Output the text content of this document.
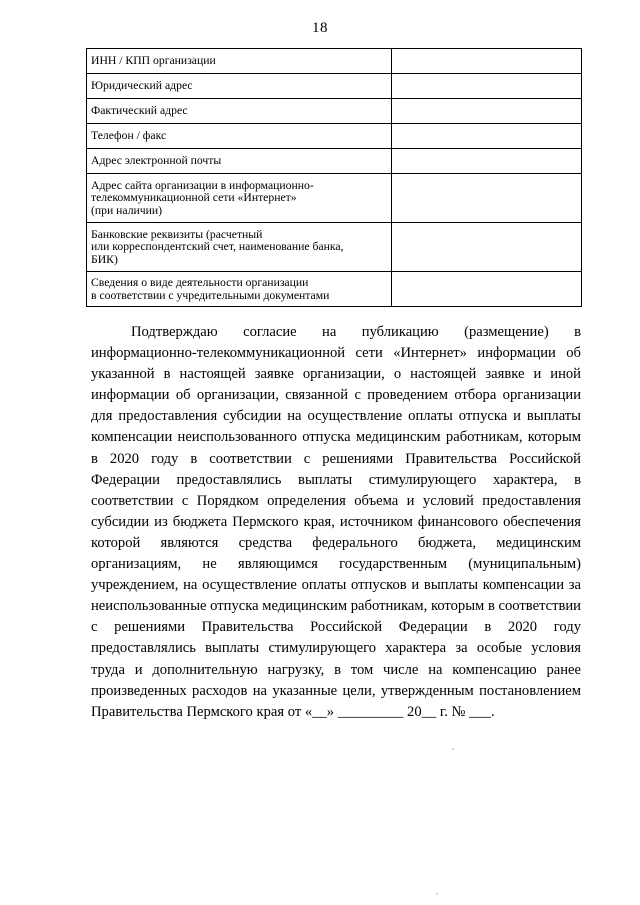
18
ИНН / КПП организации	

Юридический адрес	

Фактический адрес	

Телефон / факс	

Адрес электронной почты	

Адрес сайта организации в информационно-
телекоммуникационной сети «Интернет»
(при наличии)	

Банковские реквизиты (расчетный
или корреспондентский счет, наименование банка,
БИК)	

Сведения о виде деятельности организации
в соответствии с учредительными документами	

Подтверждаю согласие на публикацию (размещение) в информационно-телекоммуникационной сети «Интернет» информации об указанной в настоящей заявке организации, о настоящей заявке и иной информации об организации, связанной с проведением отбора организации для предоставления субсидии на осуществление оплаты отпуска и выплаты компенсации неиспользованного отпуска медицинским работникам, которым в 2020 году в соответствии с решениями Правительства Российской Федерации предоставлялись выплаты стимулирующего характера, в соответствии с Порядком определения объема и условий предоставления субсидии из бюджета Пермского края, источником финансового обеспечения которой являются средства федерального бюджета, медицинским организациям, не являющимся государственным (муниципальным) учреждением, на осуществление оплаты отпусков и выплаты компенсации за неиспользованные отпуска медицинским работникам, которым в соответствии с решениями Правительства Российской Федерации в 2020 году предоставлялись выплаты стимулирующего характера за особые условия труда и дополнительную нагрузку, в том числе на компенсацию ранее произведенных расходов на указанные цели, утвержденным постановлением Правительства Пермского края от «__» _________ 20__ г. № ___.
